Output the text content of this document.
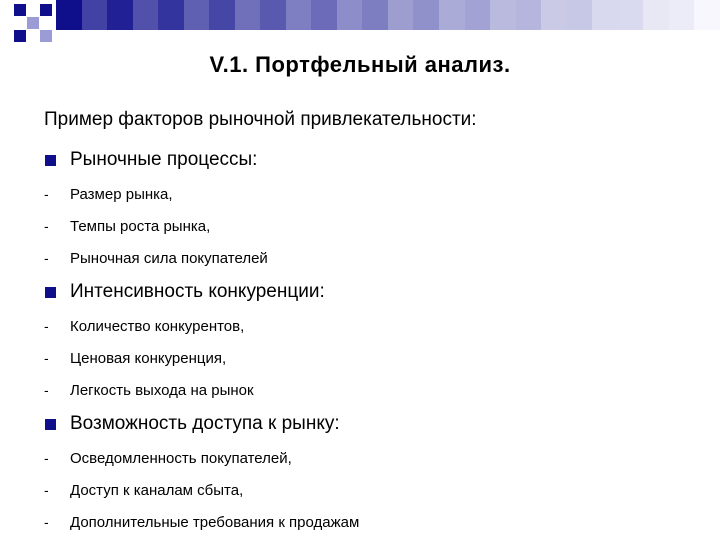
V.1. Портфельный анализ.
Пример факторов рыночной привлекательности:
Рыночные процессы:
-	Размер рынка,
-	Темпы роста рынка,
-	Рыночная сила покупателей
Интенсивность конкуренции:
-	Количество конкурентов,
-	Ценовая конкуренция,
-	Легкость выхода на рынок
Возможность доступа к рынку:
-	Осведомленность покупателей,
-	Доступ к каналам сбыта,
-	Дополнительные требования к продажам
